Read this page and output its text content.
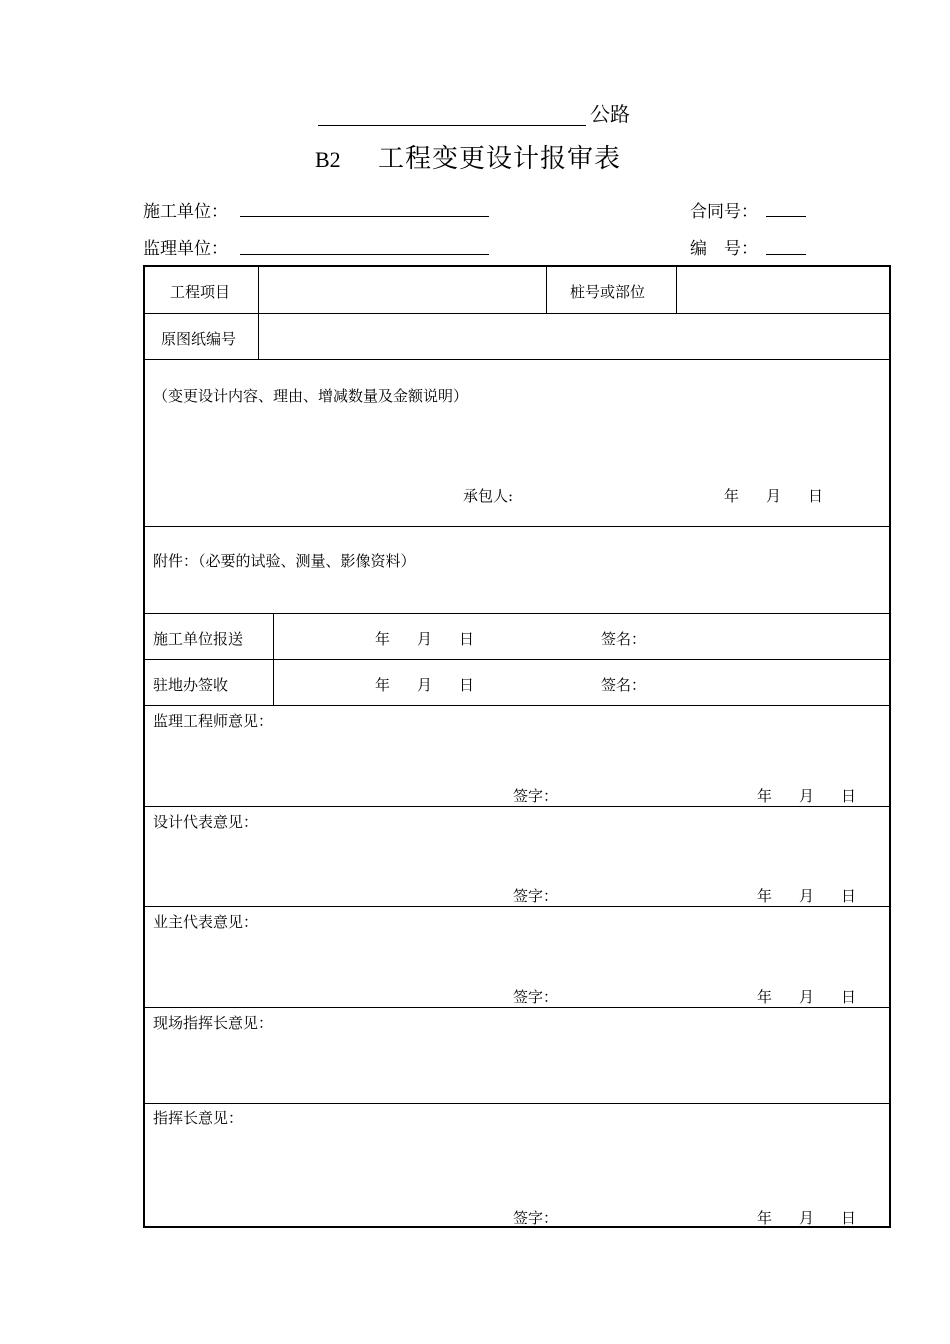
公路
B2 工程变更设计报审表
施工单位：	合同号：
监理单位：	编　号：
工程项目	桩号或部位
原图纸编号
（变更设计内容、理由、增减数量及金额说明）
承包人:	年 月 日
附件：（必要的试验、测量、影像资料）
施工单位报送	年 月 日	签名：
驻地办签收	年 月 日	签名：
监理工程师意见：
签字：	年 月 日
设计代表意见：
签字：	年 月 日
业主代表意见：
签字：	年 月 日
现场指挥长意见：
指挥长意见：
签字：	年 月 日
